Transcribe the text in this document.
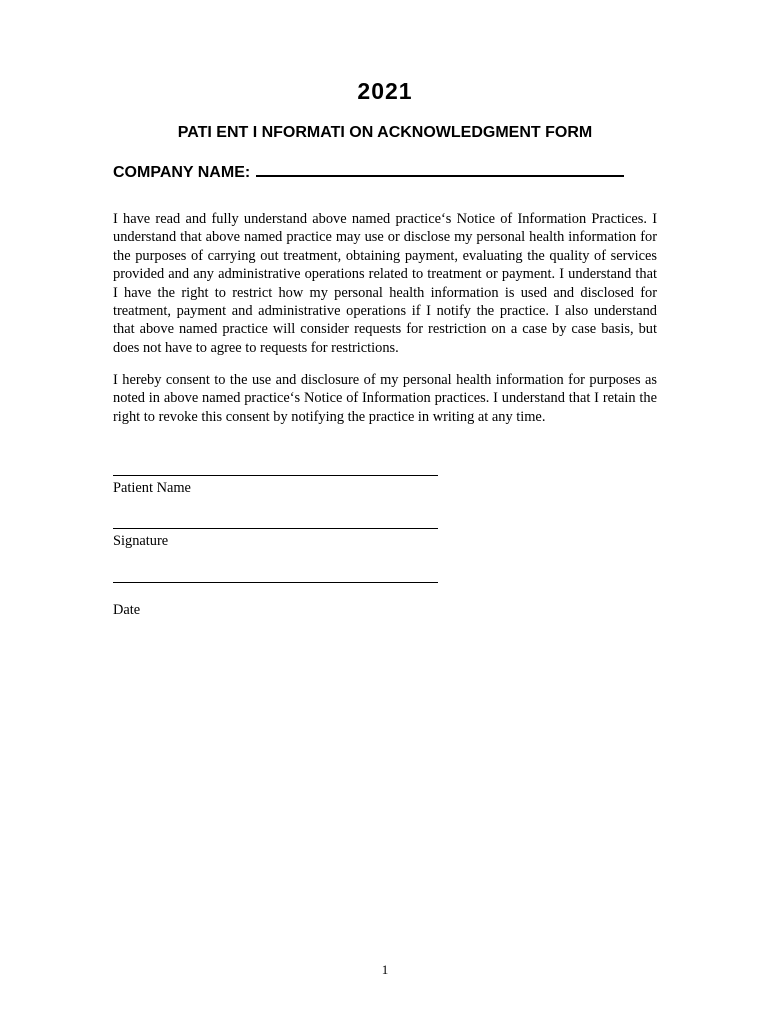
2021
PATI ENT I NFORMATI ON ACKNOWLEDGMENT FORM
COMPANY NAME:

I have read and fully understand above named practice‘s Notice of Information Practices. I understand that above named practice may use or disclose my personal health information for the purposes of carrying out treatment, obtaining payment, evaluating the quality of services provided and any administrative operations related to treatment or payment. I understand that I have the right to restrict how my personal health information is used and disclosed for treatment, payment and administrative operations if I notify the practice. I also understand that above named practice will consider requests for restriction on a case by case basis, but does not have to agree to requests for restrictions.

I hereby consent to the use and disclosure of my personal health information for purposes as noted in above named practice‘s Notice of Information practices. I understand that I retain the right to revoke this consent by notifying the practice in writing at any time.

Patient Name
Signature
Date
1
